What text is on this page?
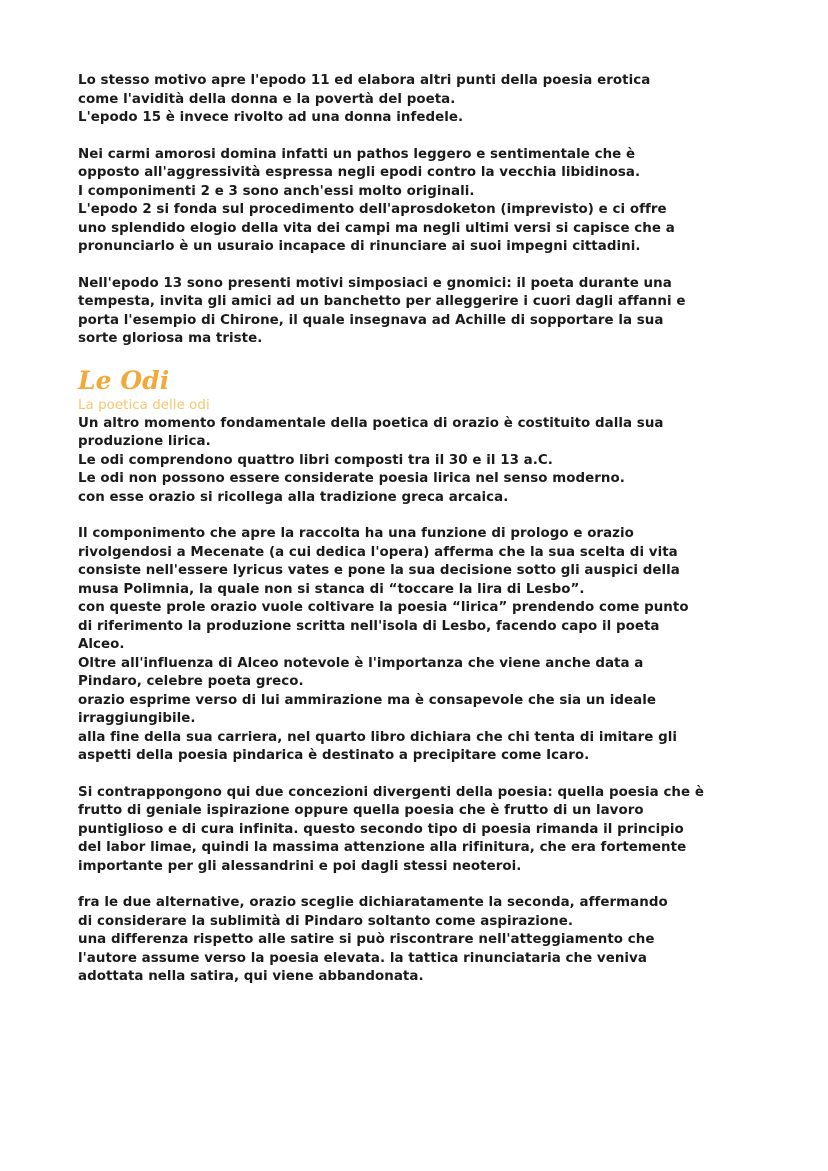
Lo stesso motivo apre l'epodo 11 ed elabora altri punti della poesia erotica
come l'avidità della donna e la povertà del poeta.
L'epodo 15 è invece rivolto ad una donna infedele.

Nei carmi amorosi domina infatti un pathos leggero e sentimentale che è
opposto all'aggressività espressa negli epodi contro la vecchia libidinosa.
I componimenti 2 e 3 sono anch'essi molto originali.
L'epodo 2 si fonda sul procedimento dell'aprosdoketon (imprevisto) e ci offre
uno splendido elogio della vita dei campi ma negli ultimi versi si capisce che a
pronunciarlo è un usuraio incapace di rinunciare ai suoi impegni cittadini.

Nell'epodo 13 sono presenti motivi simposiaci e gnomici: il poeta durante una
tempesta, invita gli amici ad un banchetto per alleggerire i cuori dagli affanni e
porta l'esempio di Chirone, il quale insegnava ad Achille di sopportare la sua
sorte gloriosa ma triste.

Le Odi
La poetica delle odi

Un altro momento fondamentale della poetica di orazio è costituito dalla sua
produzione lirica.
Le odi comprendono quattro libri composti tra il 30 e il 13 a.C.
Le odi non possono essere considerate poesia lirica nel senso moderno.
con esse orazio si ricollega alla tradizione greca arcaica.

Il componimento che apre la raccolta ha una funzione di prologo e orazio
rivolgendosi a Mecenate (a cui dedica l'opera) afferma che la sua scelta di vita
consiste nell'essere lyricus vates e pone la sua decisione sotto gli auspici della
musa Polimnia, la quale non si stanca di “toccare la lira di Lesbo”.
con queste prole orazio vuole coltivare la poesia “lirica” prendendo come punto
di riferimento la produzione scritta nell'isola di Lesbo, facendo capo il poeta
Alceo.
Oltre all'influenza di Alceo notevole è l'importanza che viene anche data a
Pindaro, celebre poeta greco.
orazio esprime verso di lui ammirazione ma è consapevole che sia un ideale
irraggiungibile.
alla fine della sua carriera, nel quarto libro dichiara che chi tenta di imitare gli
aspetti della poesia pindarica è destinato a precipitare come Icaro.

Si contrappongono qui due concezioni divergenti della poesia: quella poesia che è
frutto di geniale ispirazione oppure quella poesia che è frutto di un lavoro
puntiglioso e di cura infinita. questo secondo tipo di poesia rimanda il principio
del labor limae, quindi la massima attenzione alla rifinitura, che era fortemente
importante per gli alessandrini e poi dagli stessi neoteroi.

fra le due alternative, orazio sceglie dichiaratamente la seconda, affermando
di considerare la sublimità di Pindaro soltanto come aspirazione.
una differenza rispetto alle satire si può riscontrare nell'atteggiamento che
l'autore assume verso la poesia elevata. la tattica rinunciataria che veniva
adottata nella satira, qui viene abbandonata.
